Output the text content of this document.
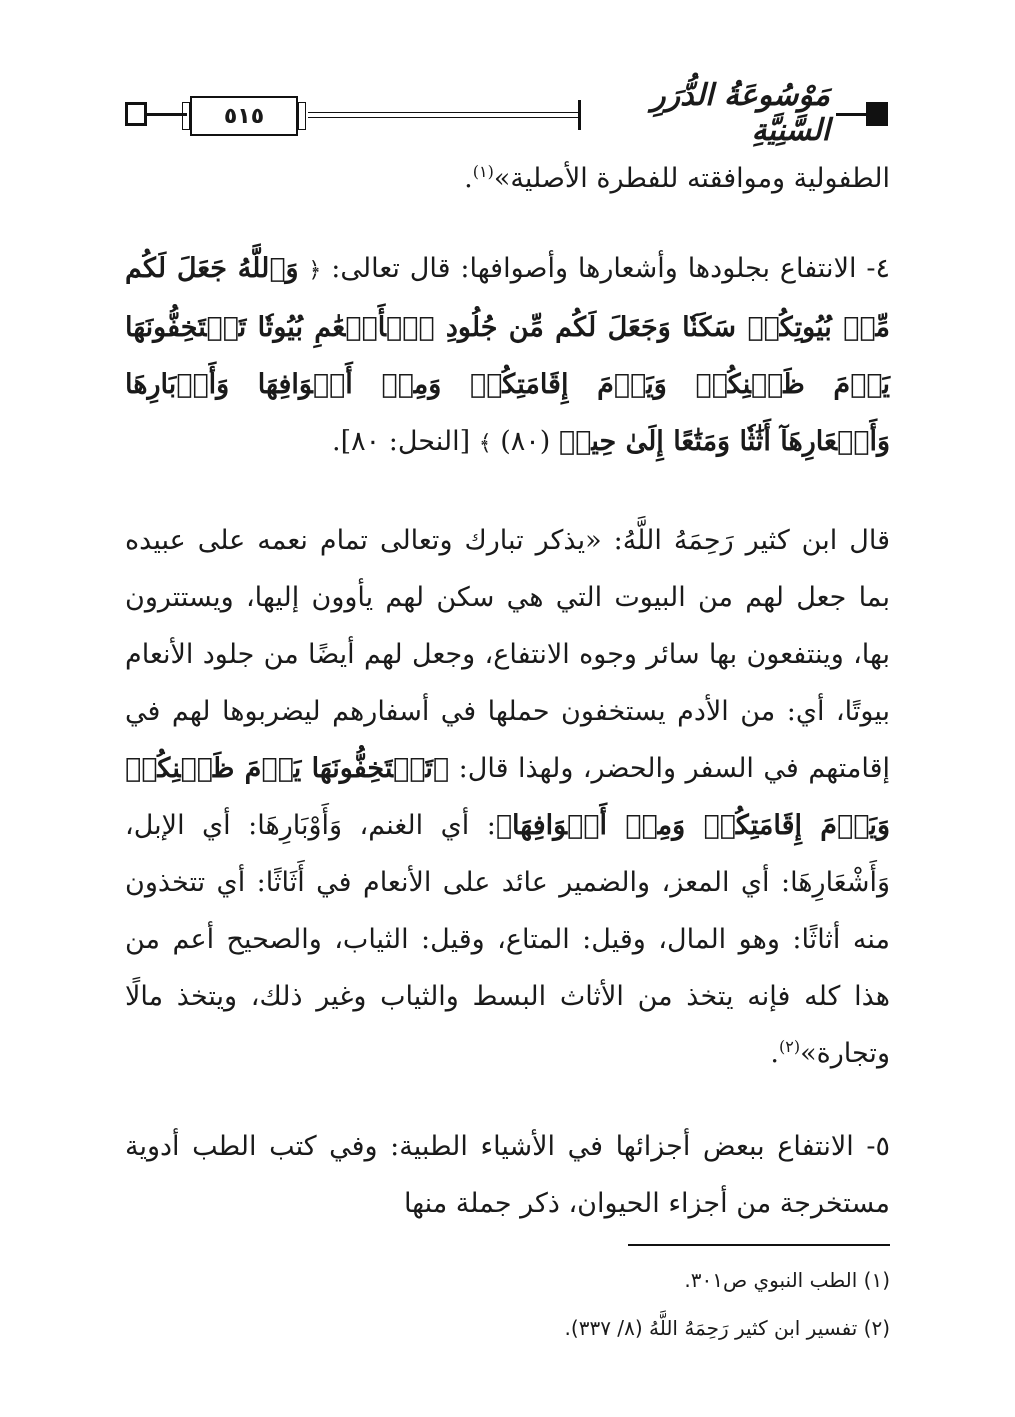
٥١٥
مَوْسُوعَةُ الدُّرَرِ السَّنِيَّةِ

الطفولية وموافقته للفطرة الأصلية»$^{(١)}$.

٤- الانتفاع بجلودها وأشعارها وأصوافها: قال تعالى: ﴿ وَٱللَّهُ جَعَلَ لَكُم مِّنۢ بُيُوتِكُمۡ سَكَنٗا وَجَعَلَ لَكُم مِّن جُلُودِ ٱلۡأَنۡعَٰمِ بُيُوتٗا تَسۡتَخِفُّونَهَا يَوۡمَ ظَعۡنِكُمۡ وَيَوۡمَ إِقَامَتِكُمۡ وَمِنۡ أَصۡوَافِهَا وَأَوۡبَارِهَا وَأَشۡعَارِهَآ أَثَٰثٗا وَمَتَٰعًا إِلَىٰ حِينٖ (٨٠) ﴾ [النحل: ٨٠].

قال ابن كثير رَحِمَهُ اللَّهُ: «يذكر تبارك وتعالى تمام نعمه على عبيده بما جعل لهم من البيوت التي هي سكن لهم يأوون إليها، ويستترون بها، وينتفعون بها سائر وجوه الانتفاع، وجعل لهم أيضًا من جلود الأنعام بيوتًا، أي: من الأدم يستخفون حملها في أسفارهم ليضربوها لهم في إقامتهم في السفر والحضر، ولهذا قال: ﴿تَسۡتَخِفُّونَهَا يَوۡمَ ظَعۡنِكُمۡ وَيَوۡمَ إِقَامَتِكُمۡ وَمِنۡ أَصۡوَافِهَا﴾: أي الغنم، وَأَوْبَارِهَا: أي الإبل، وَأَشْعَارِهَا: أي المعز، والضمير عائد على الأنعام في أَثَاثًا: أي تتخذون منه أثاثًا: وهو المال، وقيل: المتاع، وقيل: الثياب، والصحيح أعم من هذا كله فإنه يتخذ من الأثاث البسط والثياب وغير ذلك، ويتخذ مالًا وتجارة»$^{(٢)}$.

٥- الانتفاع ببعض أجزائها في الأشياء الطبية: وفي كتب الطب أدوية مستخرجة من أجزاء الحيوان، ذكر جملة منها

(١) الطب النبوي ص٣٠١.

(٢) تفسير ابن كثير رَحِمَهُ اللَّهُ (٨/ ٣٣٧).
